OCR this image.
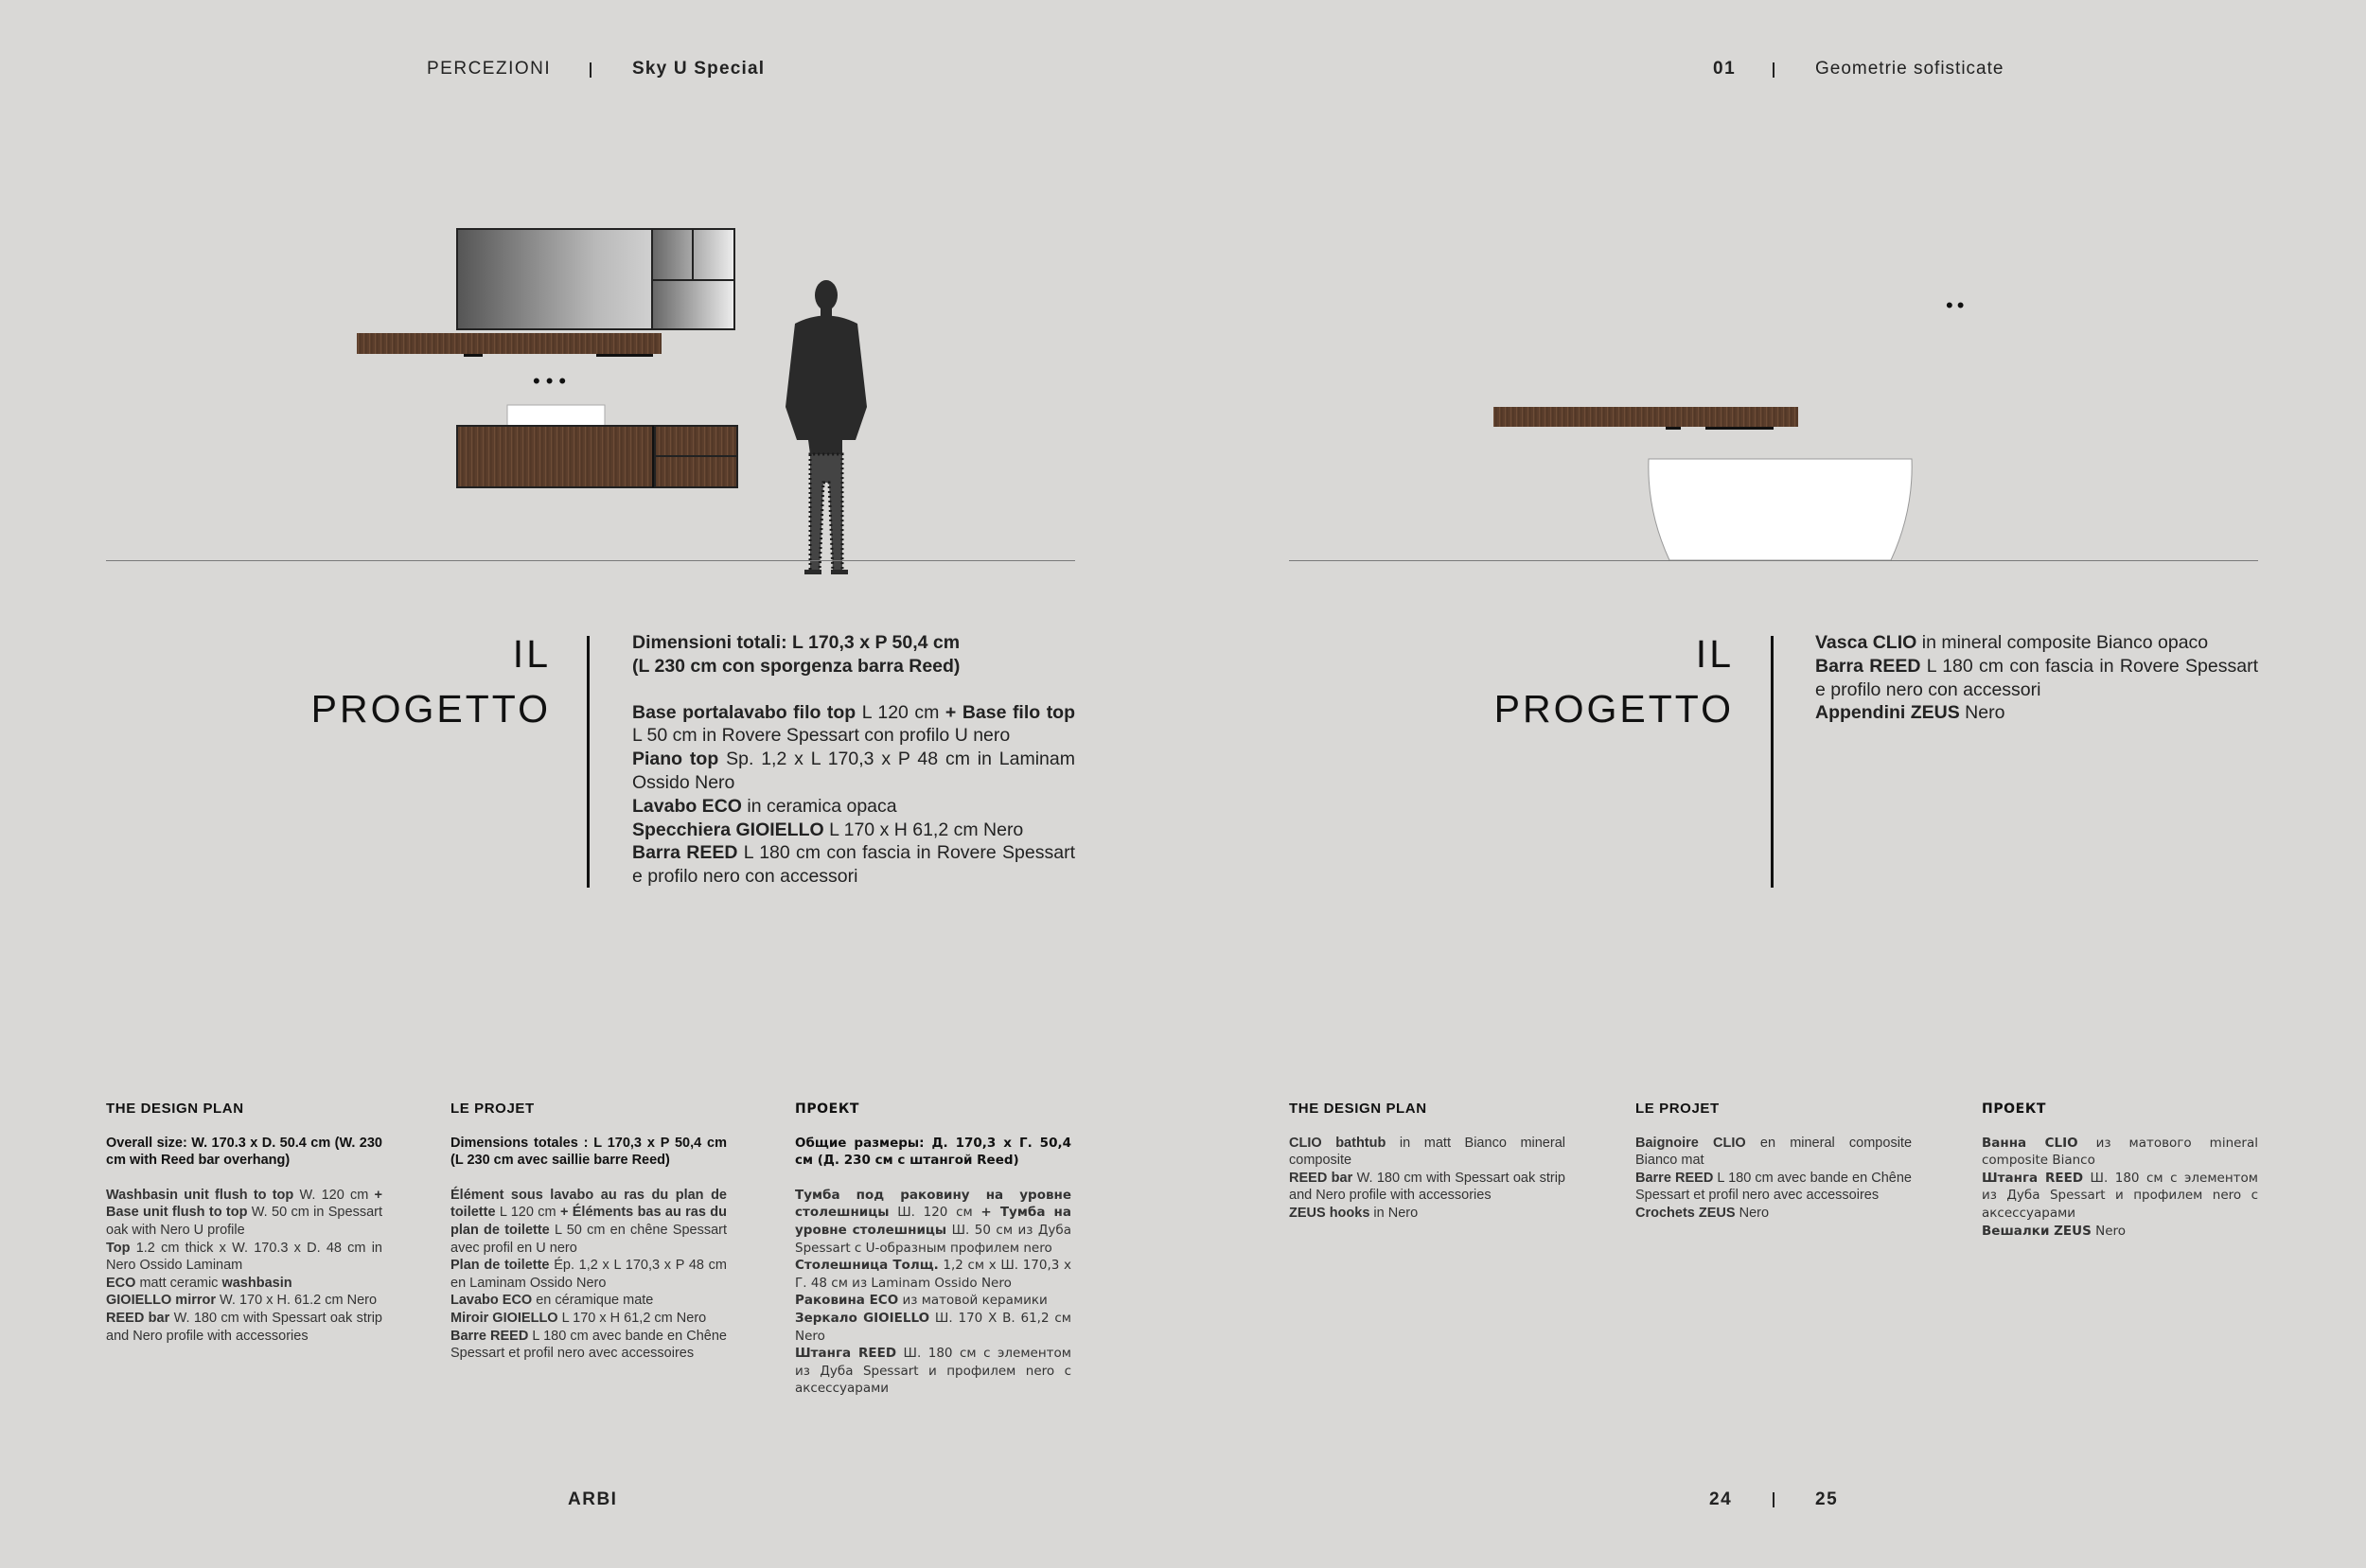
PERCEZIONI	Sky U Special	01	Geometrie sofisticate
•••
••
IL
PROGETTO

Dimensioni totali: L 170,3 x P 50,4 cm

(L 230 cm con sporgenza barra Reed)

Base portalavabo filo top L 120 cm + Base filo top L 50 cm in Rovere Spessart con profilo U nero

Piano top Sp. 1,2 x L 170,3 x P 48 cm in Laminam Ossido Nero

Lavabo ECO in ceramica opaca

Specchiera GIOIELLO L 170 x H 61,2 cm Nero

Barra REED L 180 cm con fascia in Rovere Spessart e profilo nero con accessori

IL
PROGETTO

Vasca CLIO in mineral composite Bianco opaco

Barra REED L 180 cm con fascia in Rovere Spessart e profilo nero con accessori

Appendini ZEUS Nero

THE DESIGN PLAN

Overall size: W. 170.3 x D. 50.4 cm (W. 230 cm with Reed bar overhang)

Washbasin unit flush to top W. 120 cm + Base unit flush to top W. 50 cm in Spessart oak with Nero U profile

Top 1.2 cm thick x W. 170.3 x D. 48 cm in Nero Ossido Laminam

ECO matt ceramic washbasin

GIOIELLO mirror W. 170 x H. 61.2 cm Nero

REED bar W. 180 cm with Spessart oak strip and Nero profile with accessories

LE PROJET

Dimensions totales : L 170,3 x P 50,4 cm (L 230 cm avec saillie barre Reed)

Élément sous lavabo au ras du plan de toilette L 120 cm + Éléments bas au ras du plan de toilette L 50 cm en chêne Spessart avec profil en U nero

Plan de toilette Ép. 1,2 x L 170,3 x P 48 cm en Laminam Ossido Nero

Lavabo ECO en céramique mate

Miroir GIOIELLO L 170 x H 61,2 cm Nero

Barre REED L 180 cm avec bande en Chêne Spessart et profil nero avec accessoires

ПРОЕКТ

Общие размеры: Д. 170,3 х Г. 50,4 см (Д. 230 см с штангой Reed)

Тумба под раковину на уровне столешницы Ш. 120 см + Тумба на уровне столешницы Ш. 50 см из Дуба Spessart с U-образным профилем nero

Столешница Толщ. 1,2 см х Ш. 170,3 х Г. 48 см из Laminam Ossido Nero

Раковина ECO из матовой керамики

Зеркало GIOIELLO Ш. 170 Х В. 61,2 см Nero

Штанга REED Ш. 180 см с элементом из Дуба Spessart и профилем nero с аксессуарами

THE DESIGN PLAN

CLIO bathtub in matt Bianco mineral composite

REED bar W. 180 cm with Spessart oak strip and Nero profile with accessories

ZEUS hooks in Nero

LE PROJET

Baignoire CLIO en mineral composite Bianco mat

Barre REED L 180 cm avec bande en Chêne Spessart et profil nero avec accessoires

Crochets ZEUS Nero

ПРОЕКТ

Ванна CLIO из матового mineral composite Bianco

Штанга REED Ш. 180 см с элементом из Дуба Spessart и профилем nero с аксессуарами

Вешалки ZEUS Nero

ARBI	24	25
